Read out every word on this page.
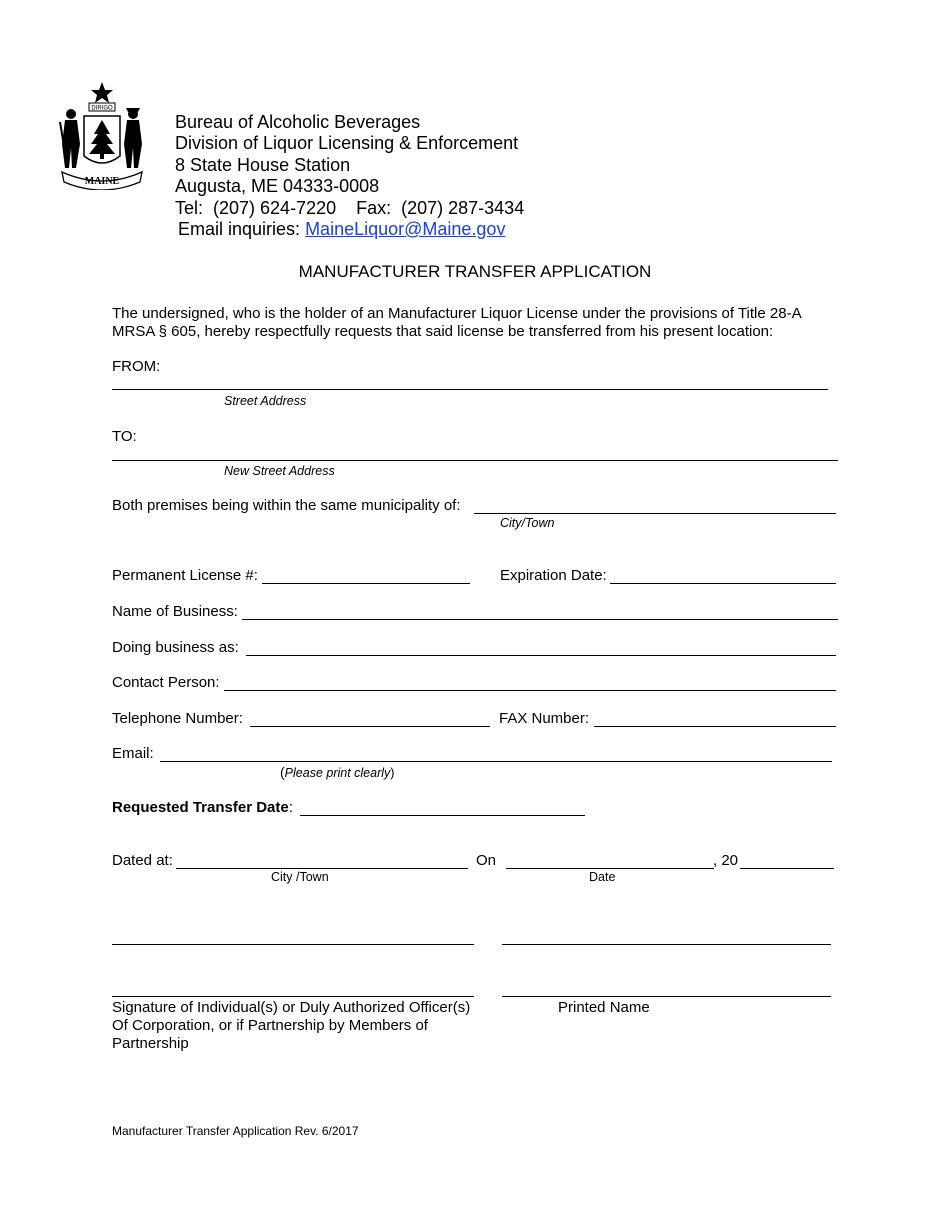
DIRIGO
MAINE
Bureau of Alcoholic Beverages
Division of Liquor Licensing & Enforcement
8 State House Station
Augusta, ME 04333-0008
Tel:  (207) 624-7220    Fax:  (207) 287-3434
Email inquiries: MaineLiquor@Maine.gov
MANUFACTURER TRANSFER APPLICATION
The undersigned, who is the holder of an Manufacturer Liquor License under the provisions of Title 28-A
MRSA § 605, hereby respectfully requests that said license be transferred from his present location:
FROM:
Street Address
TO:
New Street Address
Both premises being within the same municipality of:
City/Town
Permanent License #:	Expiration Date:
Name of Business:
Doing business as:
Contact Person:
Telephone Number:	FAX Number:
Email:
(Please print clearly)
Requested Transfer Date:
Dated at:
City /Town
On
Date
, 20
Signature of Individual(s) or Duly Authorized Officer(s)
Of Corporation, or if Partnership by Members of
Partnership
Printed Name
Manufacturer Transfer Application Rev. 6/2017
